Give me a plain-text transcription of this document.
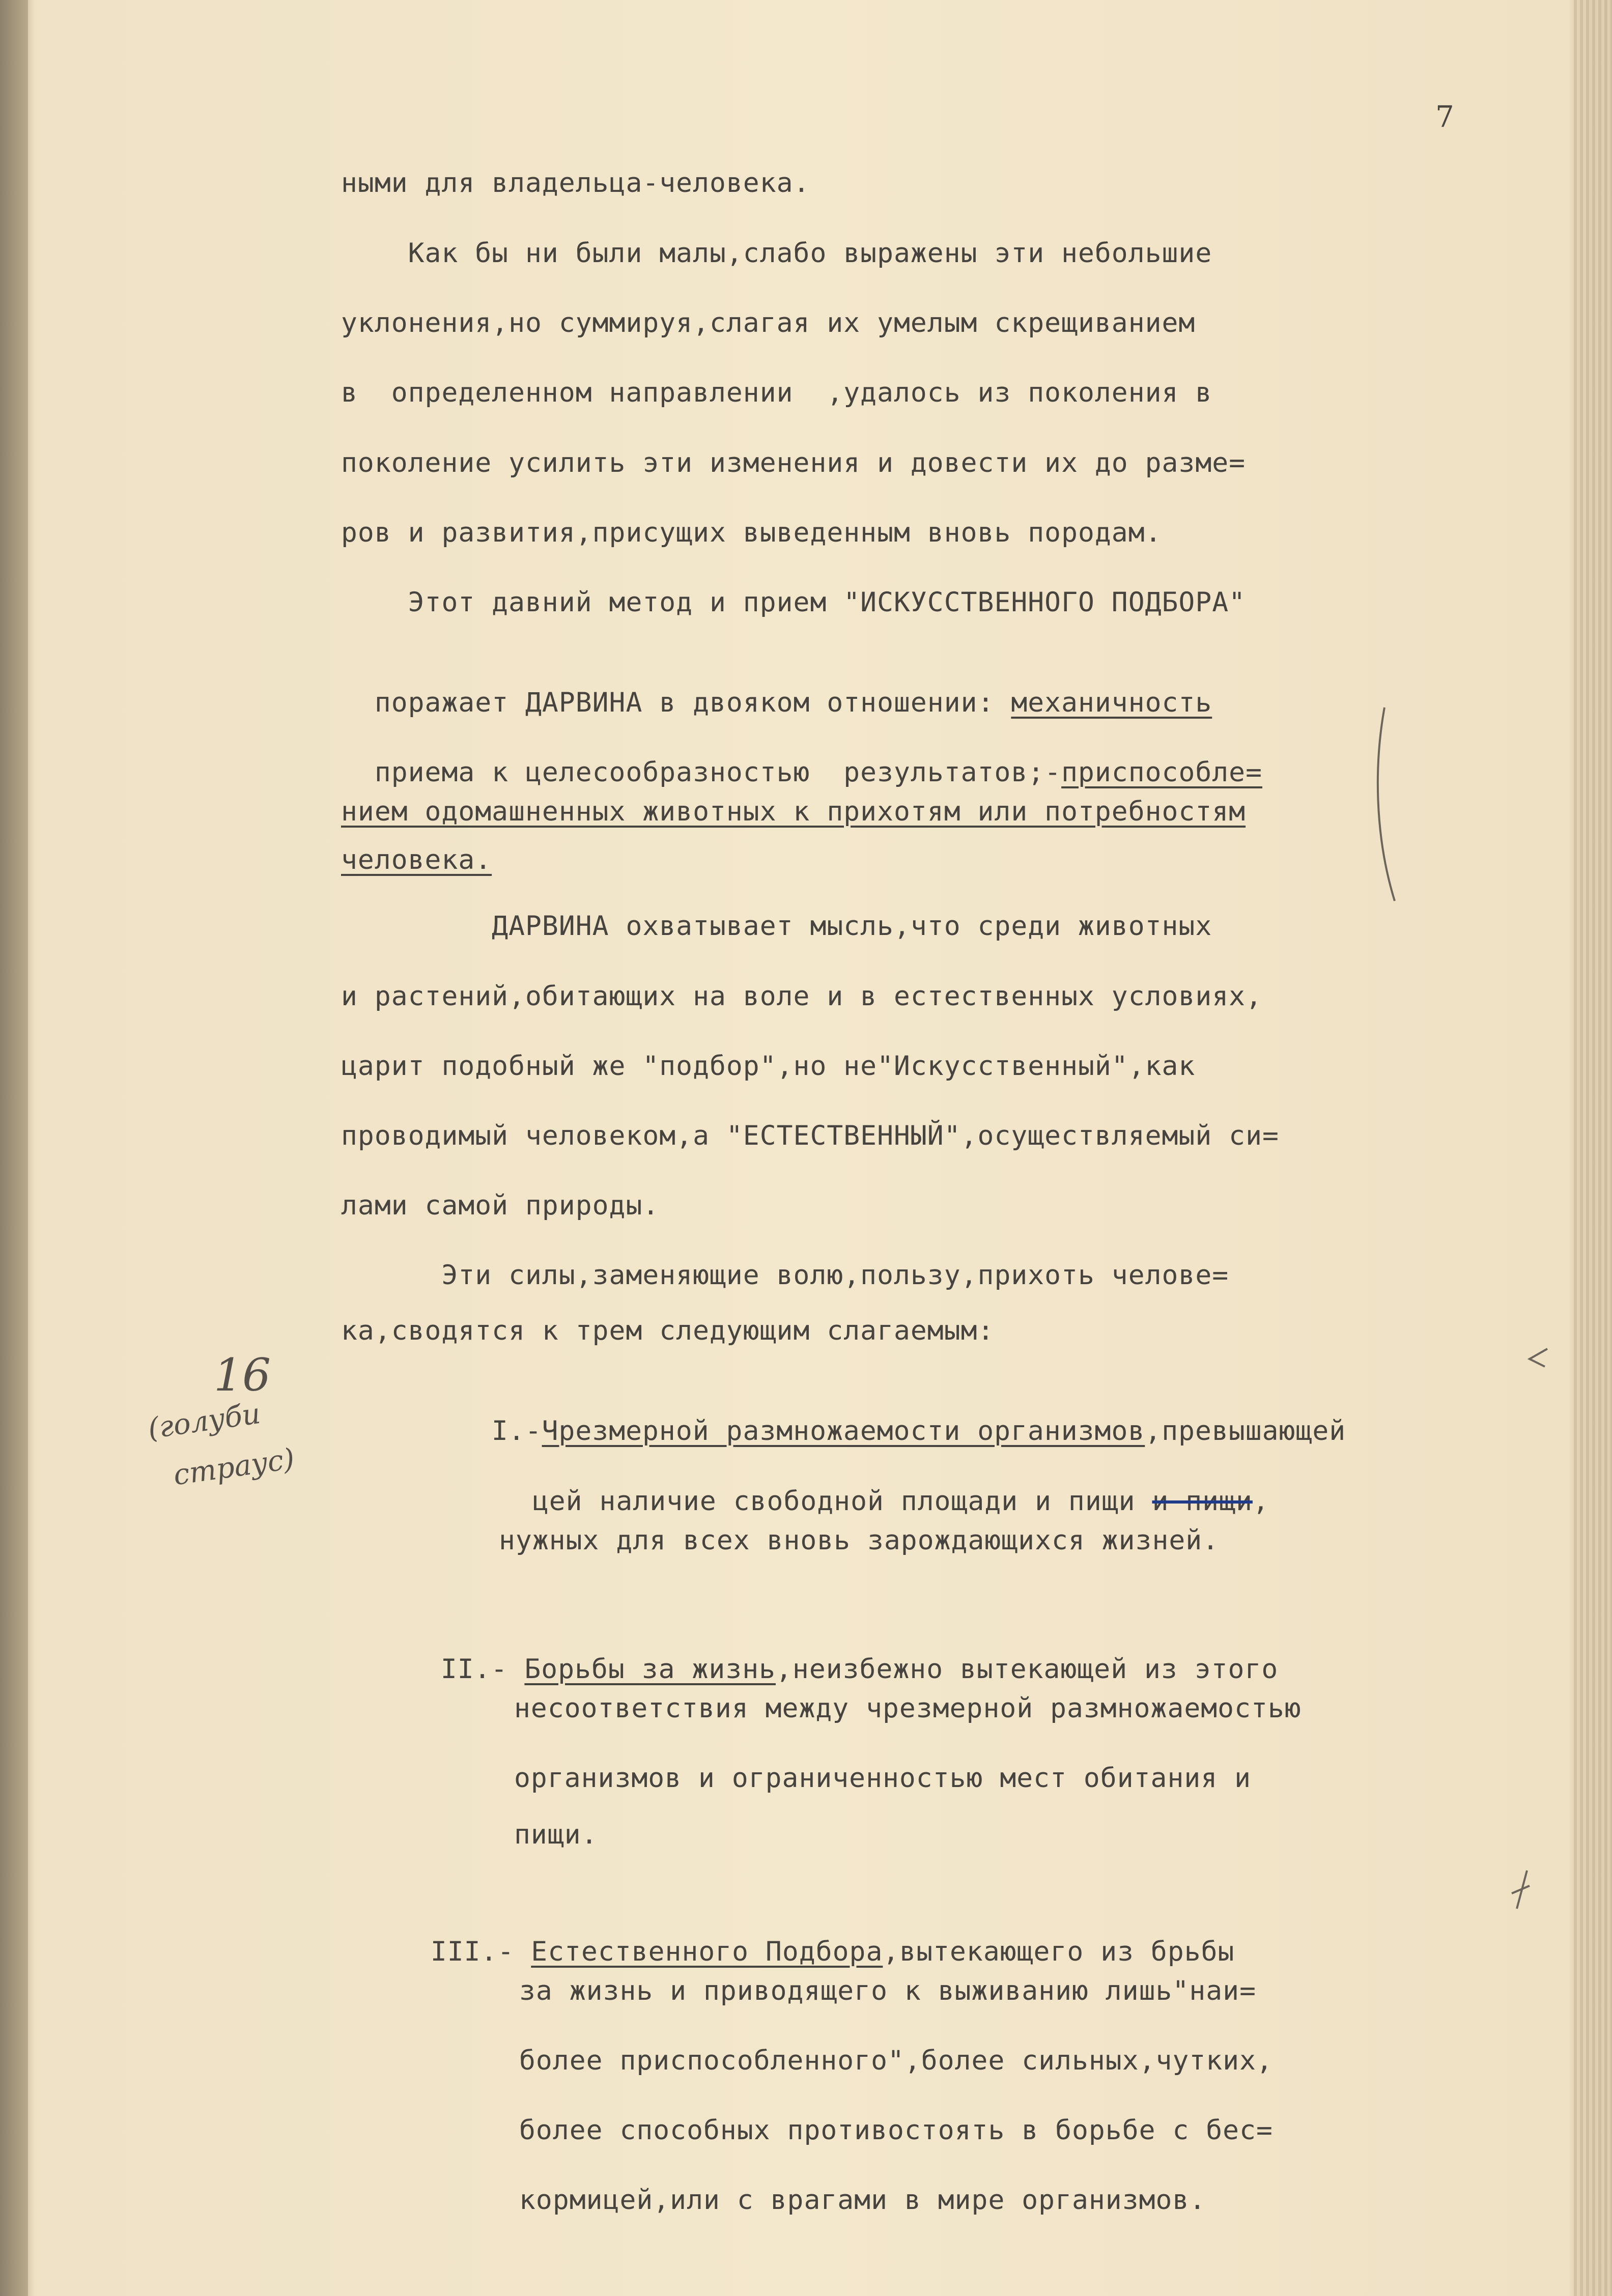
7
ными для владельца-человека.
Как бы ни были малы,слабо выражены эти небольшие
уклонения,но суммируя,слагая их умелым скрещиванием
в  определенном направлении  ,удалось из поколения в
поколение усилить эти изменения и довести их до разме=
ров и развития,присущих выведенным вновь породам.
Этот давний метод и прием "ИСКУССТВЕННОГО ПОДБОРА"

поражает ДАРВИНА в двояком отношении: механичность

приема к целесообразностью  результатов;-приспособле=

нием одомашненных животных к прихотям или потребностям
человека.
ДАРВИНА охватывает мысль,что среди животных
и растений,обитающих на воле и в естественных условиях,
царит подобный же "подбор",но не"Искусственный",как
проводимый человеком,а "ЕСТЕСТВЕННЫЙ",осуществляемый си=
лами самой природы.
Эти силы,заменяющие волю,пользу,прихоть челове=
ка,сводятся к трем следующим слагаемым:

I.-Чрезмерной размножаемости организмов,превышающей

цей наличие свободной площади и пищи и пищи,

нужных для всех вновь зарождающихся жизней.

II.- Борьбы за жизнь,неизбежно вытекающей из этого

несоответствия между чрезмерной размножаемостью
организмов и ограниченностью мест обитания и
пищи.

III.- Естественного Подбора,вытекающего из брьбы

за жизнь и приводящего к выживанию лишь"наи=
более приспособленного",более сильных,чутких,
более способных противостоять в борьбе с бес=
кормицей,или с врагами в мире организмов.
16
(голуби
страус)
